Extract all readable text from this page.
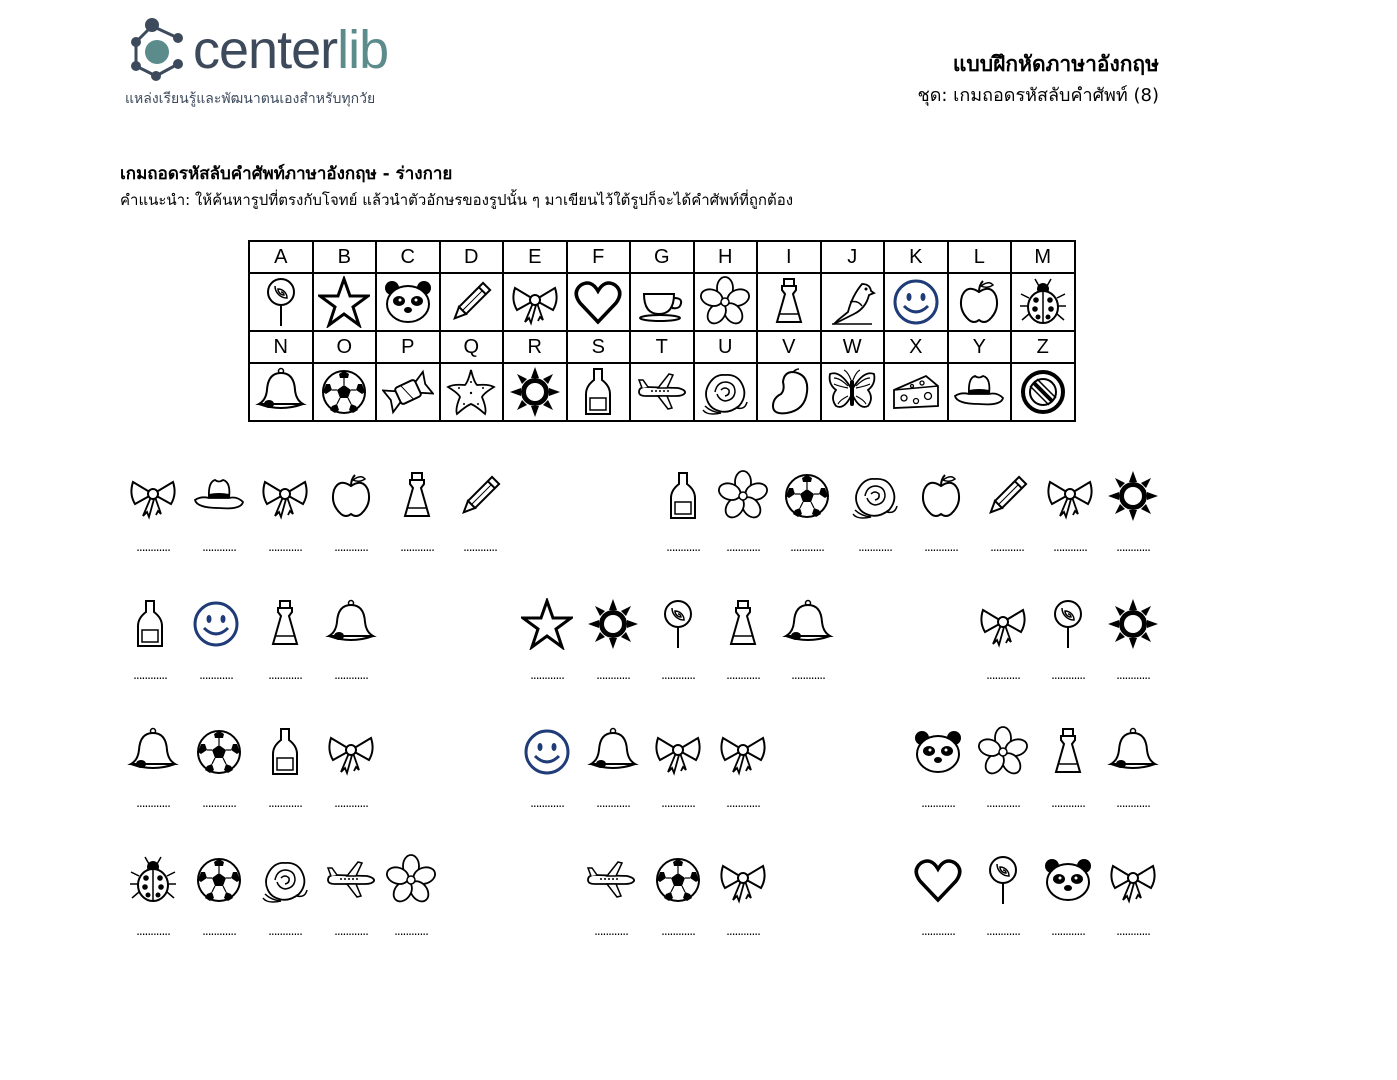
centerlib
แหล่งเรียนรู้และพัฒนาตนเองสำหรับทุกวัย
แบบฝึกหัดภาษาอังกฤษ
ชุด: เกมถอดรหัสลับคำศัพท์ (8)
เกมถอดรหัสลับคำศัพท์ภาษาอังกฤษ - ร่างกาย
คำแนะนำ: ให้ค้นหารูปที่ตรงกับโจทย์ แล้วนำตัวอักษรของรูปนั้น ๆ มาเขียนไว้ใต้รูปก็จะได้คำศัพท์ที่ถูกต้อง
A	B	C	D	E	F	G	H	I	J	K	L	M

N	O	P	Q	R	S	T	U	V	W	X	Y	Z

............	............	............	............	............	............	............	............	............	............	............	............	............	............
............	............	............	............	............	............	............	............	............	............	............	............
............	............	............	............	............	............	............	............	............	............	............	............
............	............	............	............	............	............	............	............	............	............	............	............
